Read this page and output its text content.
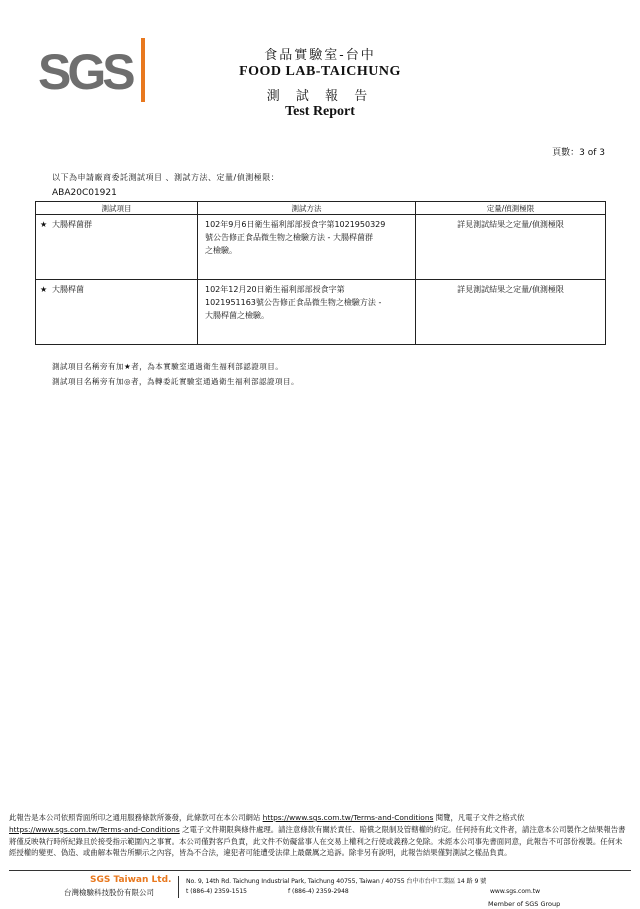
SGS	食品實驗室-台中
FOOD LAB-TAICHUNG
測 試 報 告
Test Report
頁數：3 of 3
以下為申請廠商委託測試項目 、測試方法、定量/偵測極限：
ABA20C01921
測試項目	測試方法	定量/偵測極限
★ 大腸桿菌群	102年9月6日衛生福利部部授食字第1021950329
號公告修正食品微生物之檢驗方法 - 大腸桿菌群
之檢驗。	詳見測試結果之定量/偵測極限
★ 大腸桿菌	102年12月20日衛生福利部部授食字第
1021951163號公告修正食品微生物之檢驗方法 -
大腸桿菌之檢驗。	詳見測試結果之定量/偵測極限
測試項目名稱旁有加★者，為本實驗室通過衛生福利部認證項目。
測試項目名稱旁有加◎者，為轉委託實驗室通過衛生福利部認證項目。
此報告是本公司依照背面所印之通用服務條款所簽發，此條款可在本公司網站 https://www.sgs.com.tw/Terms-and-Conditions 閱覽，凡電子文件之格式依https://www.sgs.com.tw/Terms-and-Conditions 之電子文件期限與條件處理。請注意條款有關於責任、賠償之限制及管轄權的約定。任何持有此文件者，請注意本公司製作之結果報告書將僅反映執行時所紀錄且於接受指示範圍內之事實。本公司僅對客戶負責，此文件不妨礙當事人在交易上權利之行使或義務之免除。未經本公司事先書面同意，此報告不可部份複製。任何未經授權的變更、偽造、或曲解本報告所顯示之內容，皆為不合法，違犯者可能遭受法律上最嚴厲之追訴。除非另有說明，此報告結果僅對測試之樣品負責。
SGS Taiwan Ltd.
台灣檢驗科技股份有限公司
No. 9, 14th Rd. Taichung Industrial Park, Taichung 40755, Taiwan / 40755 台中市台中工業區 14 路 9 號
t (886-4) 2359-1515	f (886-4) 2359-2948	www.sgs.com.tw
Member of SGS Group
